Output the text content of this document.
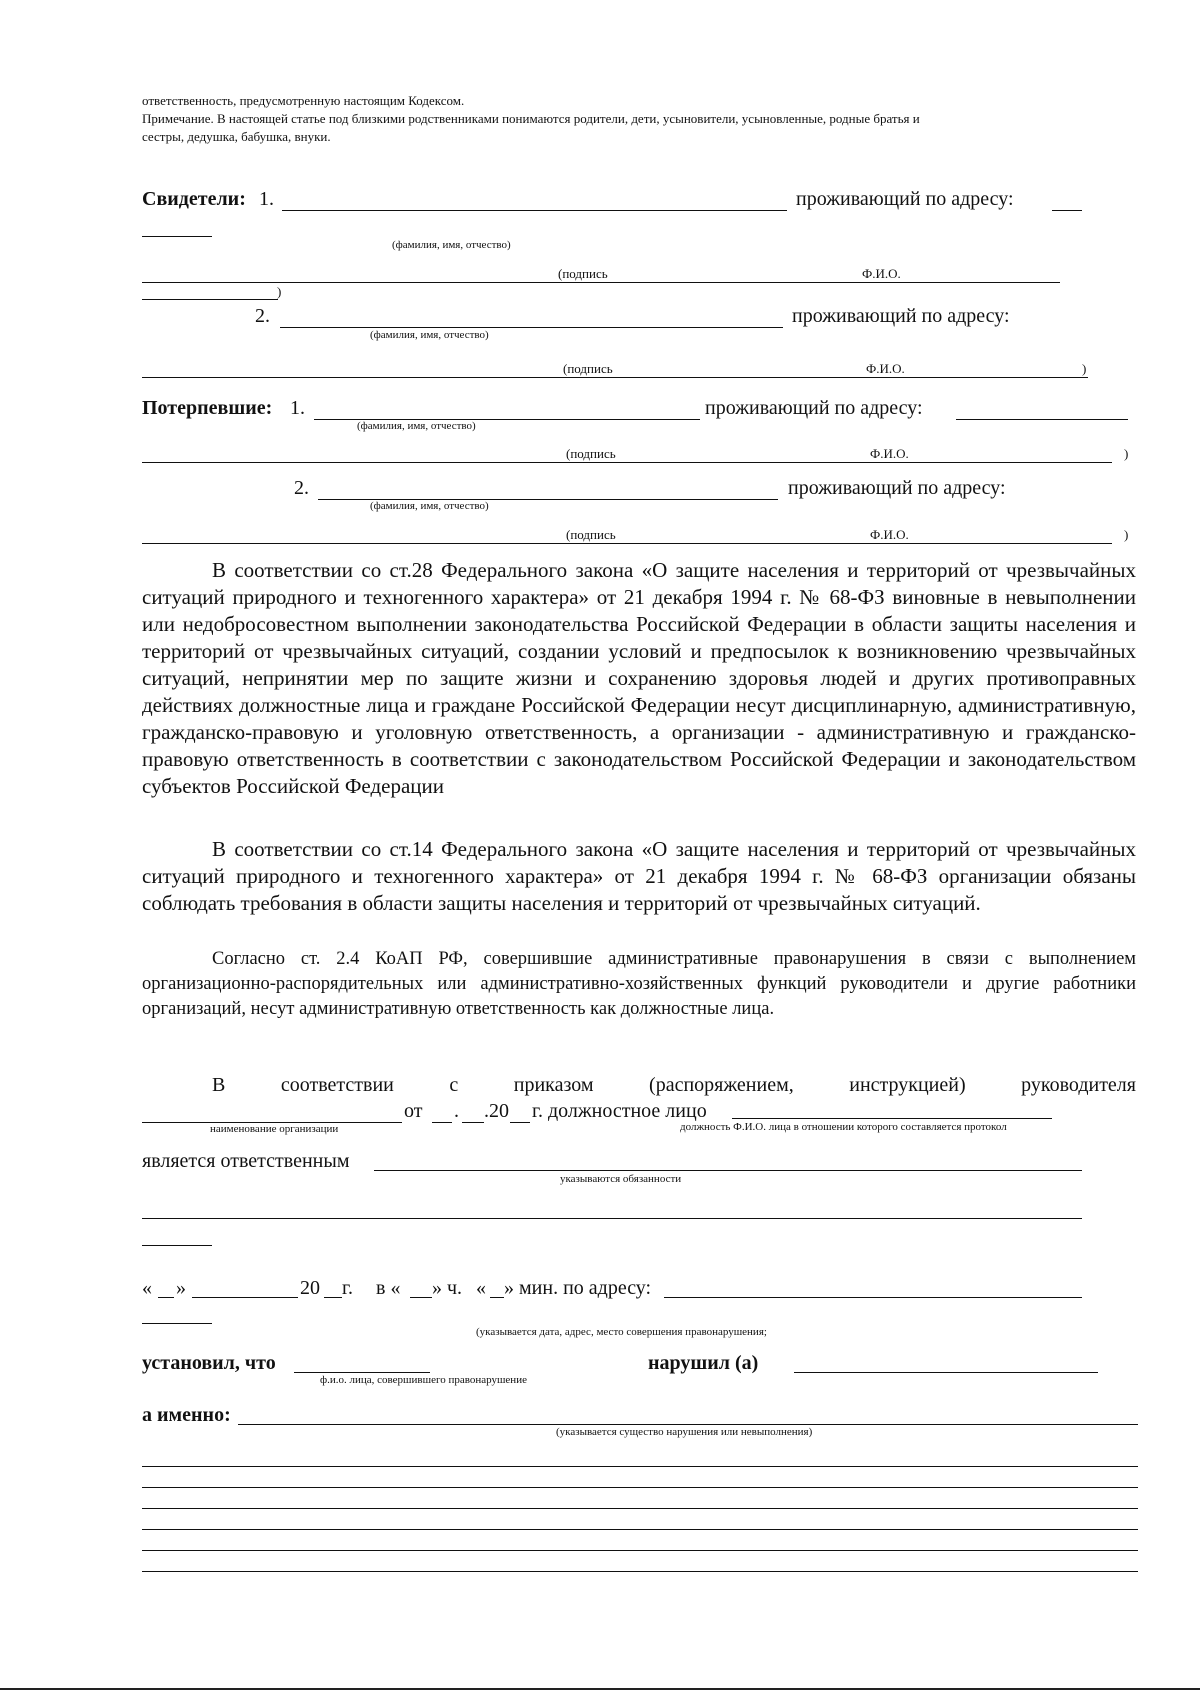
ответственность, предусмотренную настоящим Кодексом.
Примечание. В настоящей статье под близкими родственниками понимаются родители, дети, усыновители, усыновленные, родные братья и
сестры, дедушка, бабушка, внуки.
Свидетели: 1.	проживающий по адресу:
(фамилия, имя, отчество)
(подпись	Ф.И.О.
)
2.	проживающий по адресу:
(фамилия, имя, отчество)
(подпись	Ф.И.О.	)
Потерпевшие: 1.	проживающий по адресу:
(фамилия, имя, отчество)
(подпись	Ф.И.О.	)
2.	проживающий по адресу:
(фамилия, имя, отчество)
(подпись	Ф.И.О.	)
В соответствии со ст.28 Федерального закона «О защите населения и территорий от чрезвычайных ситуаций природного и техногенного характера» от 21 декабря 1994 г. № 68-ФЗ виновные в невыполнении или недобросовестном выполнении законодательства Российской Федерации в области защиты населения и территорий от чрезвычайных ситуаций, создании условий и предпосылок к возникновению чрезвычайных ситуаций, непринятии мер по защите жизни и сохранению здоровья людей и других противоправных действиях должностные лица и граждане Российской Федерации несут дисциплинарную, административную, гражданско-правовую и уголовную ответственность, а организации - административную и гражданско-правовую ответственность в соответствии с законодательством Российской Федерации и законодательством субъектов Российской Федерации
В соответствии со ст.14 Федерального закона «О защите населения и территорий от чрезвычайных ситуаций природного и техногенного характера» от 21 декабря 1994 г. № 68-ФЗ организации обязаны соблюдать требования в области защиты населения и территорий от чрезвычайных ситуаций.
Согласно ст. 2.4 КоАП РФ, совершившие административные правонарушения в связи с выполнением организационно-распорядительных или административно-хозяйственных функций руководители и другие работники организаций, несут административную ответственность как должностные лица.
В соответствии с приказом (распоряжением, инструкцией) руководителя
от . .20 г. должностное лицо
наименование организации	должность Ф.И.О. лица в отношении которого составляется протокол
является ответственным
указываются обязанности
« »	20 г. в « » ч. « » мин. по адресу:
(указывается дата, адрес, место совершения правонарушения;
установил, что
ф.и.о. лица, совершившего правонарушение
нарушил (а)
а именно:
(указывается существо нарушения или невыполнения)
